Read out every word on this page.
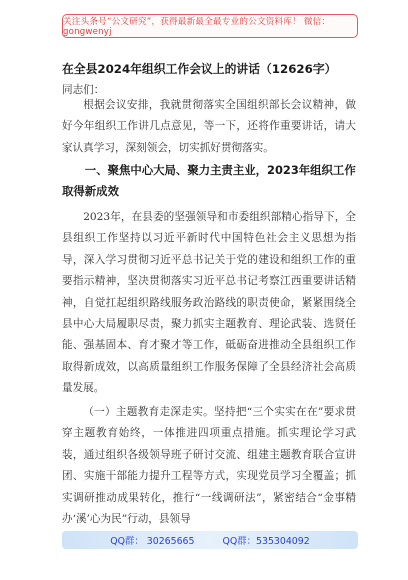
关注头条号“公文研究”，获得最新最全最专业的公文资料库！ 微信：gongwenyj
在全县2024年组织工作会议上的讲话（12626字）
同志们：

根据会议安排，我就贯彻落实全国组织部长会议精神，做好今年组织工作讲几点意见，等一下，还将作重要讲话，请大家认真学习，深刻领会，切实抓好贯彻落实。

一、聚焦中心大局、聚力主责主业，2023年组织工作取得新成效

2023年，在县委的坚强领导和市委组织部精心指导下，全县组织工作坚持以习近平新时代中国特色社会主义思想为指导，深入学习贯彻习近平总书记关于党的建设和组织工作的重要指示精神，坚决贯彻落实习近平总书记考察江西重要讲话精神，自觉扛起组织路线服务政治路线的职责使命，紧紧围绕全县中心大局履职尽责，聚力抓实主题教育、理论武装、选贤任能、强基固本、育才聚才等工作，砥砺奋进推动全县组织工作取得新成效，以高质量组织工作服务保障了全县经济社会高质量发展。

（一）主题教育走深走实。坚持把“三个实实在在”要求贯穿主题教育始终，一体推进四项重点措施。抓实理论学习武装，通过组织各级领导班子研讨交流、组建主题教育联合宣讲团、实施干部能力提升工程等方式，实现党员学习全覆盖；抓实调研推动成果转化，推行“一线调研法”，紧密结合“金事精办‘溪’心为民”行动，县领导

QQ群： 30265665	QQ群：535304092
